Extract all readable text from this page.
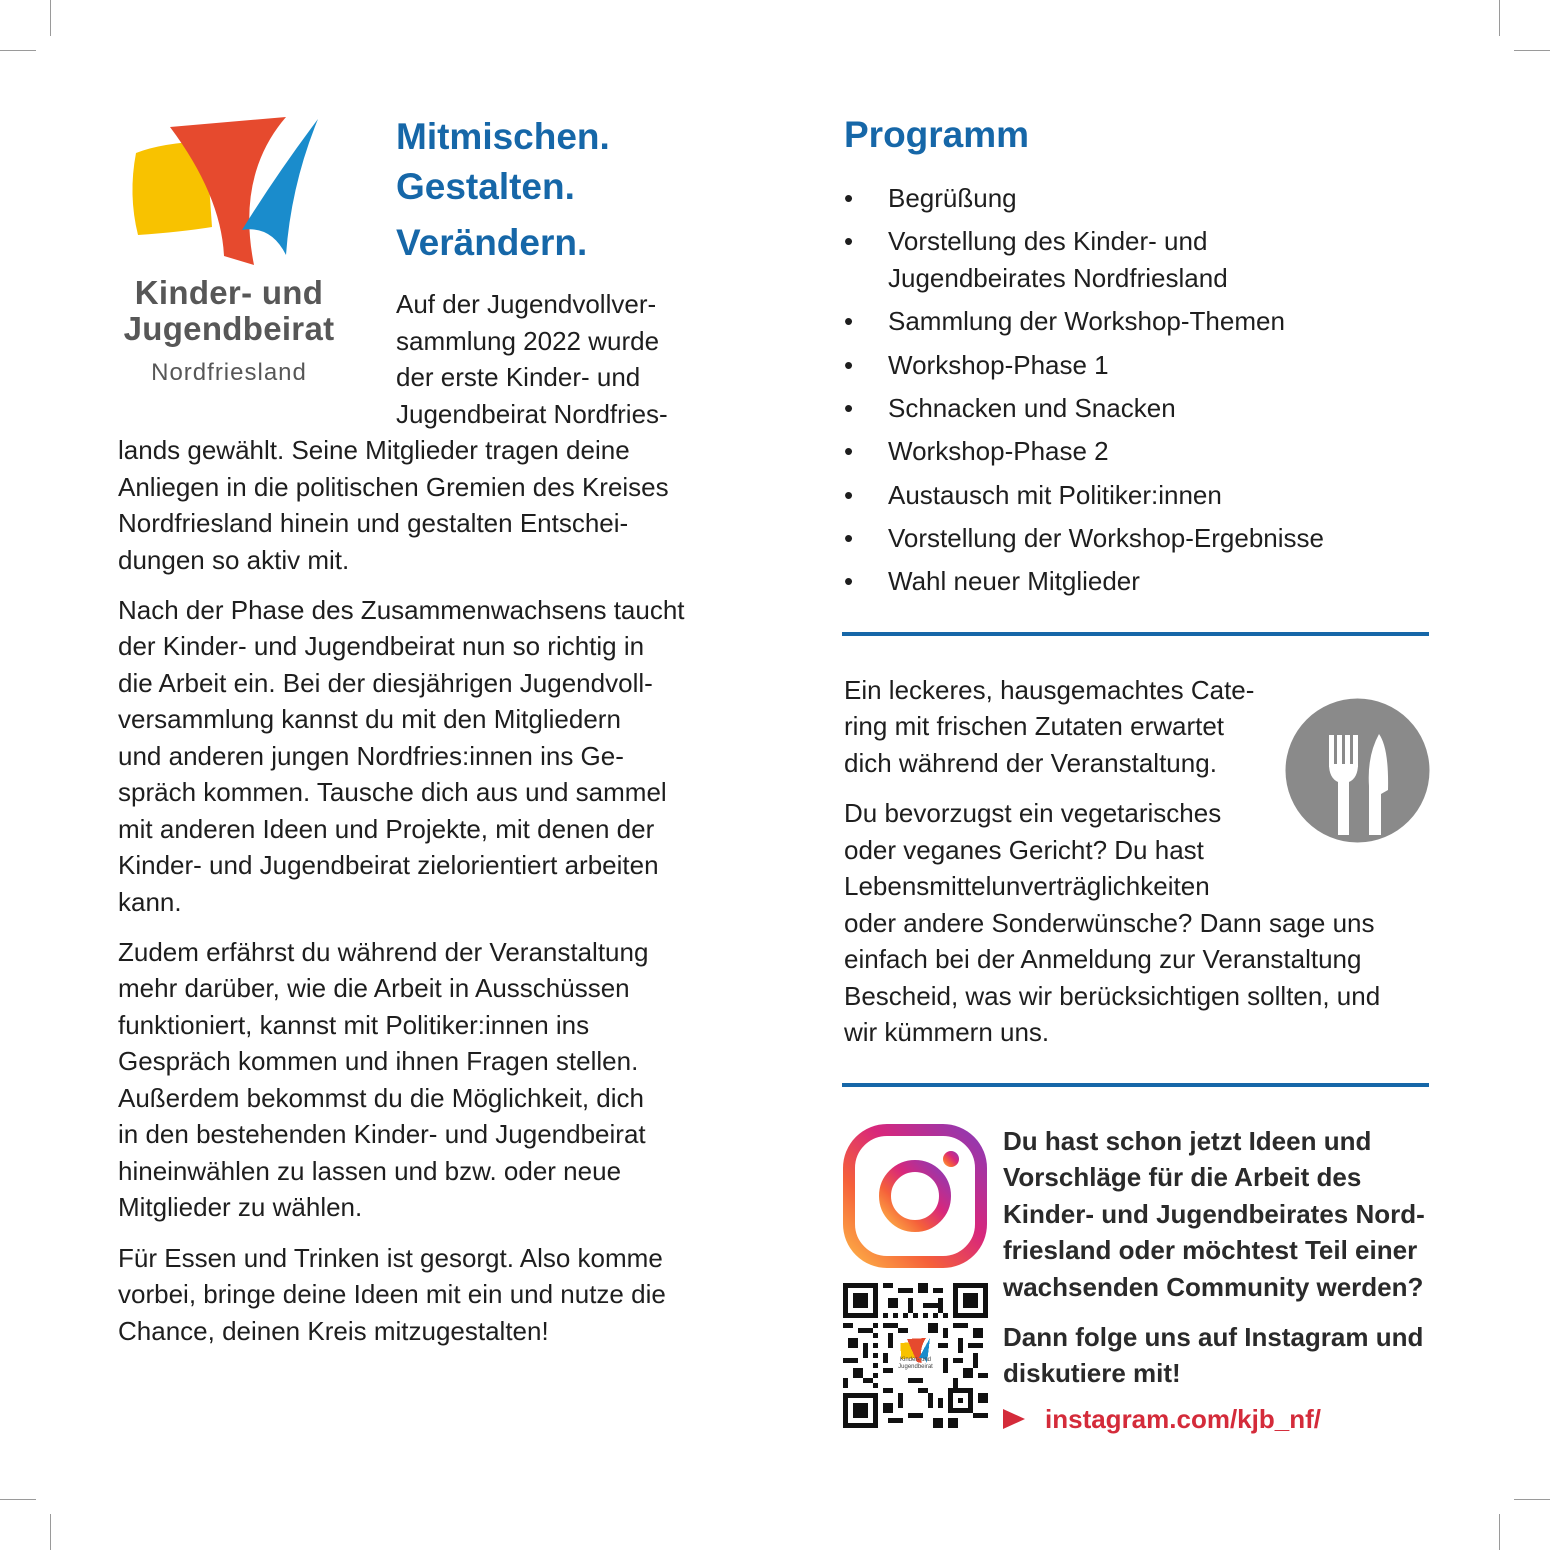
Kinder- und
Jugendbeirat
Nordfriesland
Mitmischen.
Gestalten.
Verändern.
Auf der Jugendvollver-
sammlung 2022 wurde
der erste Kinder- und
Jugendbeirat Nordfries-
lands gewählt. Seine Mitglieder tragen deine
Anliegen in die politischen Gremien des Kreises
Nordfriesland hinein und gestalten Entschei-
dungen so aktiv mit.
Nach der Phase des Zusammenwachsens taucht
der Kinder- und Jugendbeirat nun so richtig in
die Arbeit ein. Bei der diesjährigen Jugendvoll-
versammlung kannst du mit den Mitgliedern
und anderen jungen Nordfries:innen ins Ge-
spräch kommen. Tausche dich aus und sammel
mit anderen Ideen und Projekte, mit denen der
Kinder- und Jugendbeirat zielorientiert arbeiten
kann.
Zudem erfährst du während der Veranstaltung
mehr darüber, wie die Arbeit in Ausschüssen
funktioniert, kannst mit Politiker:innen ins
Gespräch kommen und ihnen Fragen stellen.
Außerdem bekommst du die Möglichkeit, dich
in den bestehenden Kinder- und Jugendbeirat
hineinwählen zu lassen und bzw. oder neue
Mitglieder zu wählen.
Für Essen und Trinken ist gesorgt. Also komme
vorbei, bringe deine Ideen mit ein und nutze die
Chance, deinen Kreis mitzugestalten!
Programm
• Begrüßung
• Vorstellung des Kinder- und
Jugendbeirates Nordfriesland
• Sammlung der Workshop-Themen
• Workshop-Phase 1
• Schnacken und Snacken
• Workshop-Phase 2
• Austausch mit Politiker:innen
• Vorstellung der Workshop-Ergebnisse
• Wahl neuer Mitglieder
Ein leckeres, hausgemachtes Cate-
ring mit frischen Zutaten erwartet
dich während der Veranstaltung.
Du bevorzugst ein vegetarisches
oder veganes Gericht? Du hast
Lebensmittelunverträglichkeiten
oder andere Sonderwünsche? Dann sage uns
einfach bei der Anmeldung zur Veranstaltung
Bescheid, was wir berücksichtigen sollten, und
wir kümmern uns.
Kinder- und
Jugendbeirat
Du hast schon jetzt Ideen und
Vorschläge für die Arbeit des
Kinder- und Jugendbeirates Nord-
friesland oder möchtest Teil einer
wachsenden Community werden?
Dann folge uns auf Instagram und
diskutiere mit!
instagram.com/kjb_nf/
